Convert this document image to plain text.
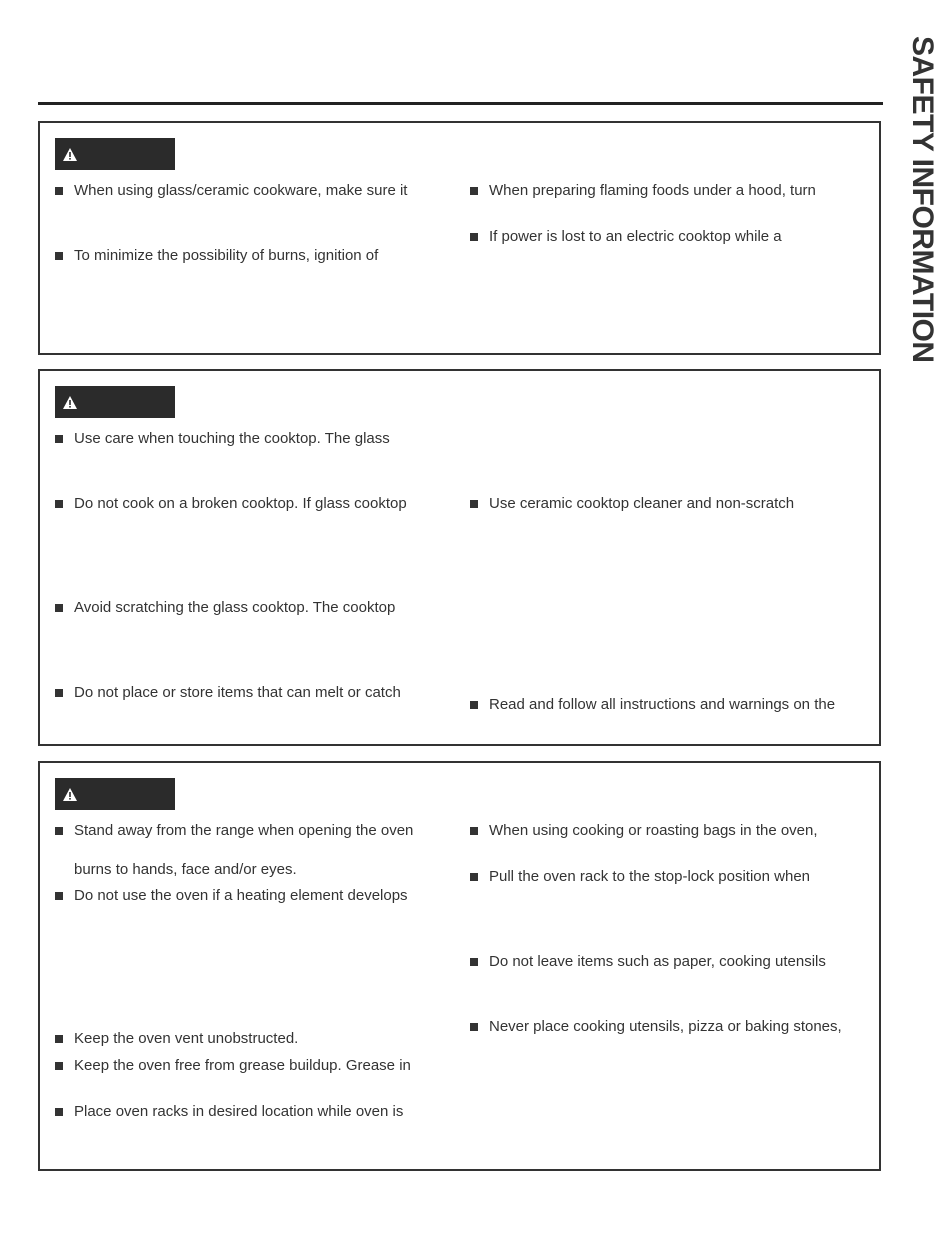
SAFETY INFORMATION
When using glass/ceramic cookware, make sure it
To minimize the possibility of burns, ignition of
When preparing flaming foods under a hood, turn
If power is lost to an electric cooktop while a
Use care when touching the cooktop. The glass
Do not cook on a broken cooktop. If glass cooktop
Avoid scratching the glass cooktop. The cooktop
Do not place or store items that can melt or catch
Use ceramic cooktop cleaner and non-scratch
Read and follow all instructions and warnings on the
Stand away from the range when opening the oven
burns to hands, face and/or eyes.
Do not use the oven if a heating element develops
Keep the oven vent unobstructed.
Keep the oven free from grease buildup. Grease in
Place oven racks in desired location while oven is
When using cooking or roasting bags in the oven,
Pull the oven rack to the stop-lock position when
Do not leave items such as paper, cooking utensils
Never place cooking utensils, pizza or baking stones,
